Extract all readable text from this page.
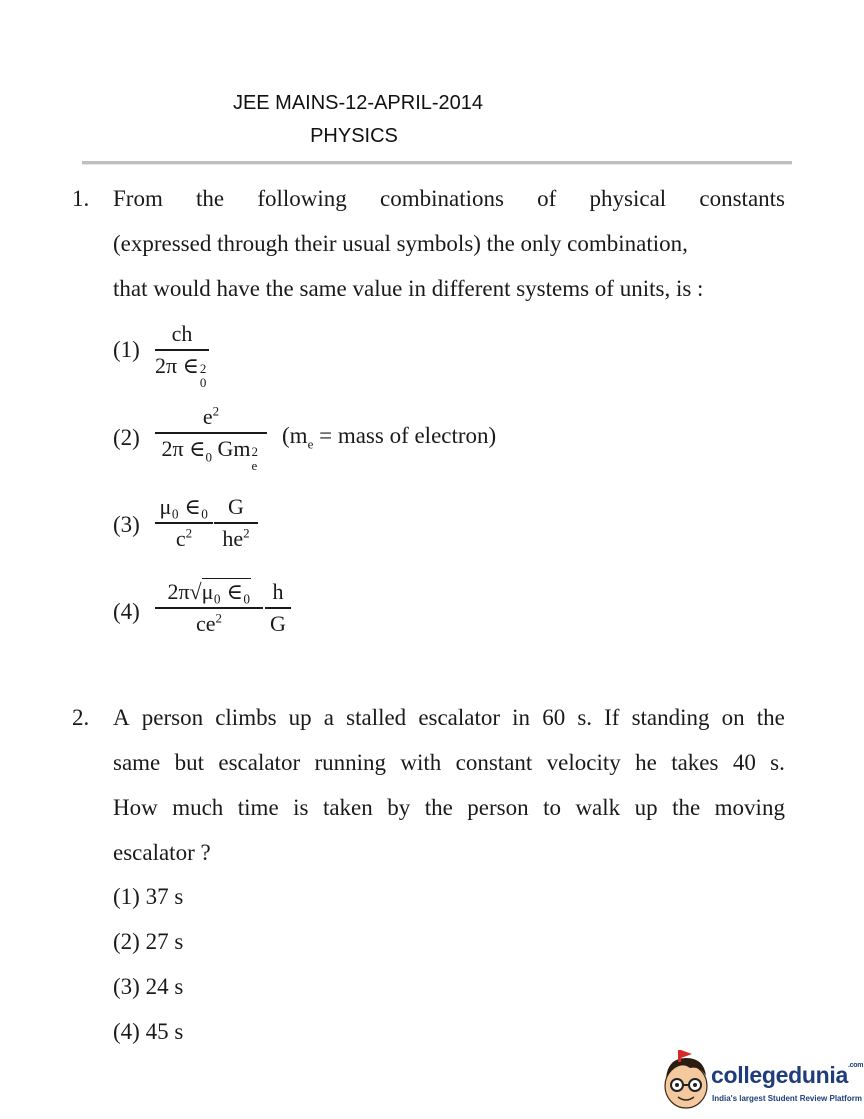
JEE MAINS-12-APRIL-2014
PHYSICS
1. From the following combinations of physical constants
(expressed through their usual symbols) the only combination,
that would have the same value in different systems of units, is :
(1)
ch
2π ∈ 2
0
(2)
$e^2$
2π $\in_0$ Gm 2
e
($m_e$ = mass of electron)
(3)
μ₀ ∈₀
$c^2$
G
$he^2$
(4)
2π√μ₀ ∈₀
$ce^2$
h
G
2. A person climbs up a stalled escalator in 60 s. If standing on the
same but escalator running with constant velocity he takes 40 s.
How much time is taken by the person to walk up the moving
escalator ?
(1) 37 s
(2) 27 s
(3) 24 s
(4) 45 s
collegedunia$^{.com}$
India's largest Student Review Platform
